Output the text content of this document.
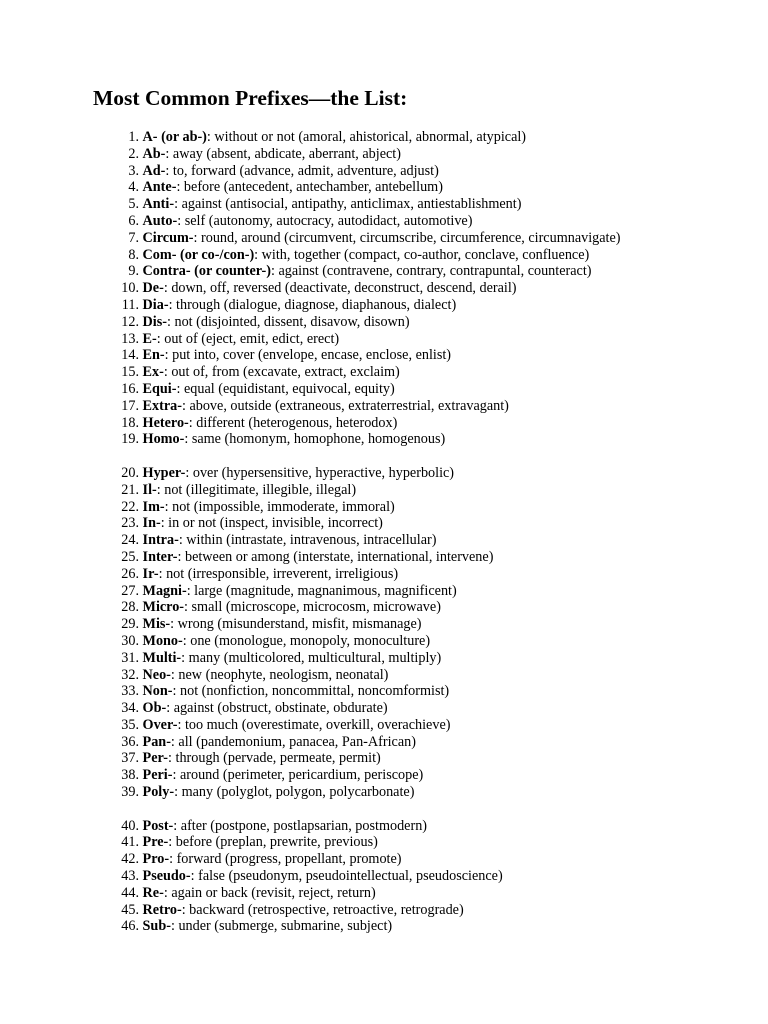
Most Common Prefixes—the List:
1. A- (or ab-): without or not (amoral, ahistorical, abnormal, atypical)
2. Ab-: away (absent, abdicate, aberrant, abject)
3. Ad-: to, forward (advance, admit, adventure, adjust)
4. Ante-: before (antecedent, antechamber, antebellum)
5. Anti-: against (antisocial, antipathy, anticlimax, antiestablishment)
6. Auto-: self (autonomy, autocracy, autodidact, automotive)
7. Circum-: round, around (circumvent, circumscribe, circumference, circumnavigate)
8. Com- (or co-/con-): with, together (compact, co-author, conclave, confluence)
9. Contra- (or counter-): against (contravene, contrary, contrapuntal, counteract)
10. De-: down, off, reversed (deactivate, deconstruct, descend, derail)
11. Dia-: through (dialogue, diagnose, diaphanous, dialect)
12. Dis-: not (disjointed, dissent, disavow, disown)
13. E-: out of (eject, emit, edict, erect)
14. En-: put into, cover (envelope, encase, enclose, enlist)
15. Ex-: out of, from (excavate, extract, exclaim)
16. Equi-: equal (equidistant, equivocal, equity)
17. Extra-: above, outside (extraneous, extraterrestrial, extravagant)
18. Hetero-: different (heterogenous, heterodox)
19. Homo-: same (homonym, homophone, homogenous)
20. Hyper-: over (hypersensitive, hyperactive, hyperbolic)
21. Il-: not (illegitimate, illegible, illegal)
22. Im-: not (impossible, immoderate, immoral)
23. In-: in or not (inspect, invisible, incorrect)
24. Intra-: within (intrastate, intravenous, intracellular)
25. Inter-: between or among (interstate, international, intervene)
26. Ir-: not (irresponsible, irreverent, irreligious)
27. Magni-: large (magnitude, magnanimous, magnificent)
28. Micro-: small (microscope, microcosm, microwave)
29. Mis-: wrong (misunderstand, misfit, mismanage)
30. Mono-: one (monologue, monopoly, monoculture)
31. Multi-: many (multicolored, multicultural, multiply)
32. Neo-: new (neophyte, neologism, neonatal)
33. Non-: not (nonfiction, noncommittal, noncomformist)
34. Ob-: against (obstruct, obstinate, obdurate)
35. Over-: too much (overestimate, overkill, overachieve)
36. Pan-: all (pandemonium, panacea, Pan-African)
37. Per-: through (pervade, permeate, permit)
38. Peri-: around (perimeter, pericardium, periscope)
39. Poly-: many (polyglot, polygon, polycarbonate)
40. Post-: after (postpone, postlapsarian, postmodern)
41. Pre-: before (preplan, prewrite, previous)
42. Pro-: forward (progress, propellant, promote)
43. Pseudo-: false (pseudonym, pseudointellectual, pseudoscience)
44. Re-: again or back (revisit, reject, return)
45. Retro-: backward (retrospective, retroactive, retrograde)
46. Sub-: under (submerge, submarine, subject)
